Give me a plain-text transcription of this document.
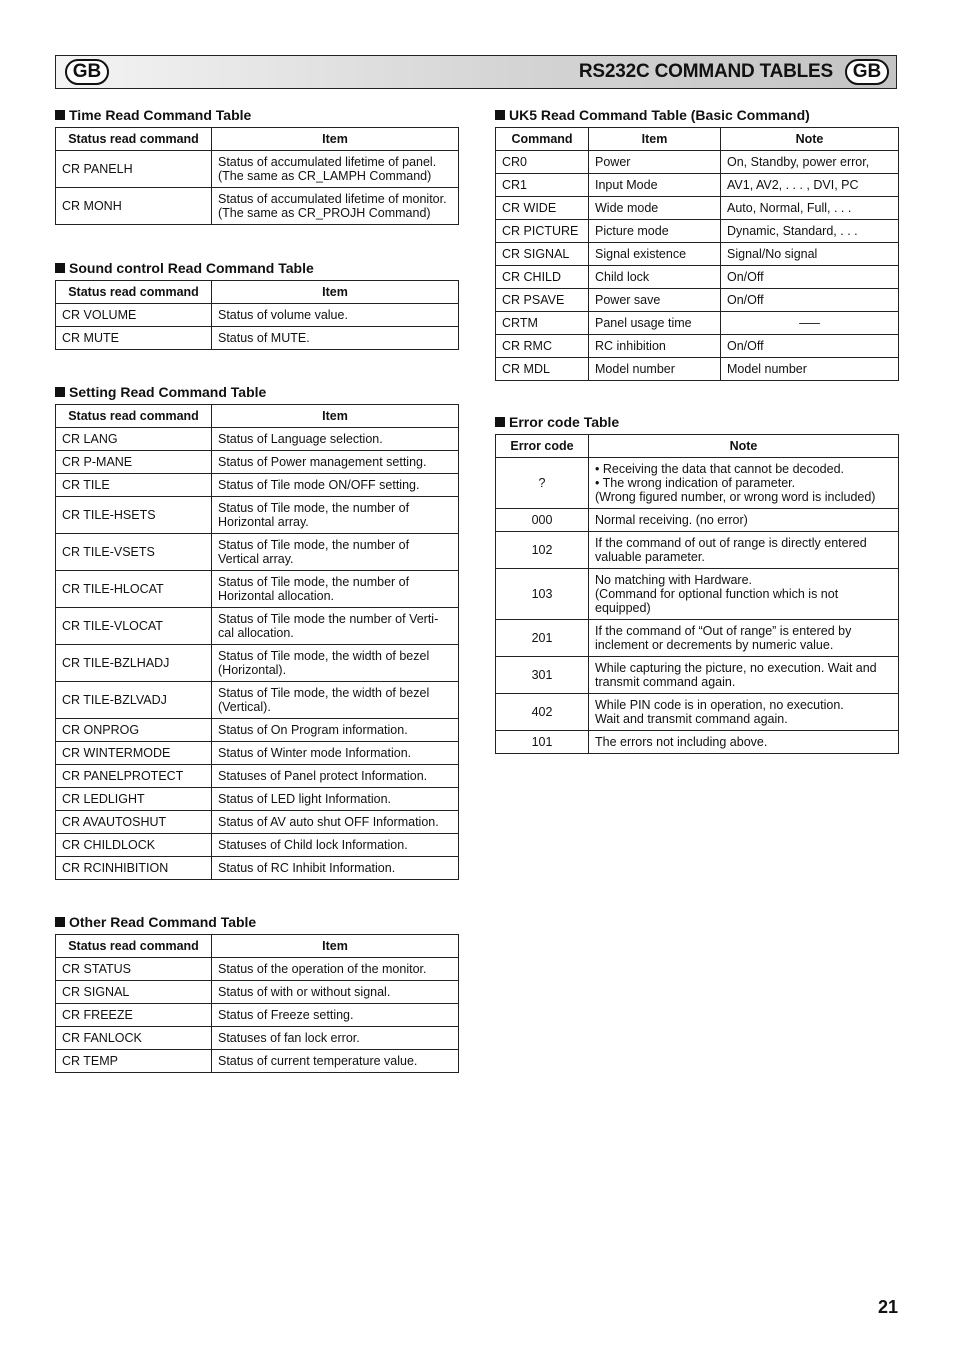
GB	RS232C COMMAND TABLES	GB
Time Read Command Table
Status read command	Item
CR PANELH	Status of accumulated lifetime of panel.
(The same as CR_LAMPH Command)

CR MONH	Status of accumulated lifetime of monitor.
(The same as CR_PROJH Command)
Sound control Read Command Table
Status read command	Item
CR VOLUME	Status of volume value.
CR MUTE	Status of MUTE.
Setting Read Command Table
Status read command	Item
CR LANG	Status of Language selection.
CR P-MANE	Status of Power management setting.
CR TILE	Status of Tile mode ON/OFF setting.
CR TILE-HSETS	Status of Tile mode, the number of
Horizontal array.

CR TILE-VSETS	Status of Tile mode, the number of
Vertical array.

CR TILE-HLOCAT	Status of Tile mode, the number of
Horizontal allocation.

CR TILE-VLOCAT	Status of Tile mode the number of Verti-
cal allocation.

CR TILE-BZLHADJ	Status of Tile mode, the width of bezel
(Horizontal).

CR TILE-BZLVADJ	Status of Tile mode, the width of bezel
(Vertical).

CR ONPROG	Status of On Program information.
CR WINTERMODE	Status of Winter mode Information.
CR PANELPROTECT	Statuses of Panel protect Information.
CR LEDLIGHT	Status of LED light Information.
CR AVAUTOSHUT	Status of AV auto shut OFF Information.
CR CHILDLOCK	Statuses of Child lock Information.
CR RCINHIBITION	Status of RC Inhibit Information.
Other Read Command Table
Status read command	Item
CR STATUS	Status of the operation of the monitor.
CR SIGNAL	Status of with or without signal.
CR FREEZE	Status of Freeze setting.
CR FANLOCK	Statuses of fan lock error.
CR TEMP	Status of current temperature value.
UK5 Read Command Table (Basic Command)
Command	Item	Note
CR0	Power	On, Standby, power error,
CR1	Input Mode	AV1, AV2, . . . , DVI, PC
CR WIDE	Wide mode	Auto, Normal, Full, . . .
CR PICTURE	Picture mode	Dynamic, Standard, . . .
CR SIGNAL	Signal existence	Signal/No signal
CR CHILD	Child lock	On/Off
CR PSAVE	Power save	On/Off
CRTM	Panel usage time	–––
CR RMC	RC inhibition	On/Off
CR MDL	Model number	Model number
Error code Table
Error code	Note
?	• Receiving the data that cannot be decoded.
• The wrong indication of parameter.
(Wrong figured number, or wrong word is included)

000	Normal receiving. (no error)
102	If the command of out of range is directly entered
valuable parameter.

103	No matching with Hardware.
(Command for optional function which is not
equipped)

201	If the command of “Out of range” is entered by
inclement or decrements by numeric value.

301	While capturing the picture, no execution. Wait and
transmit command again.

402	While PIN code is in operation, no execution.
Wait and transmit command again.

101	The errors not including above.
21
